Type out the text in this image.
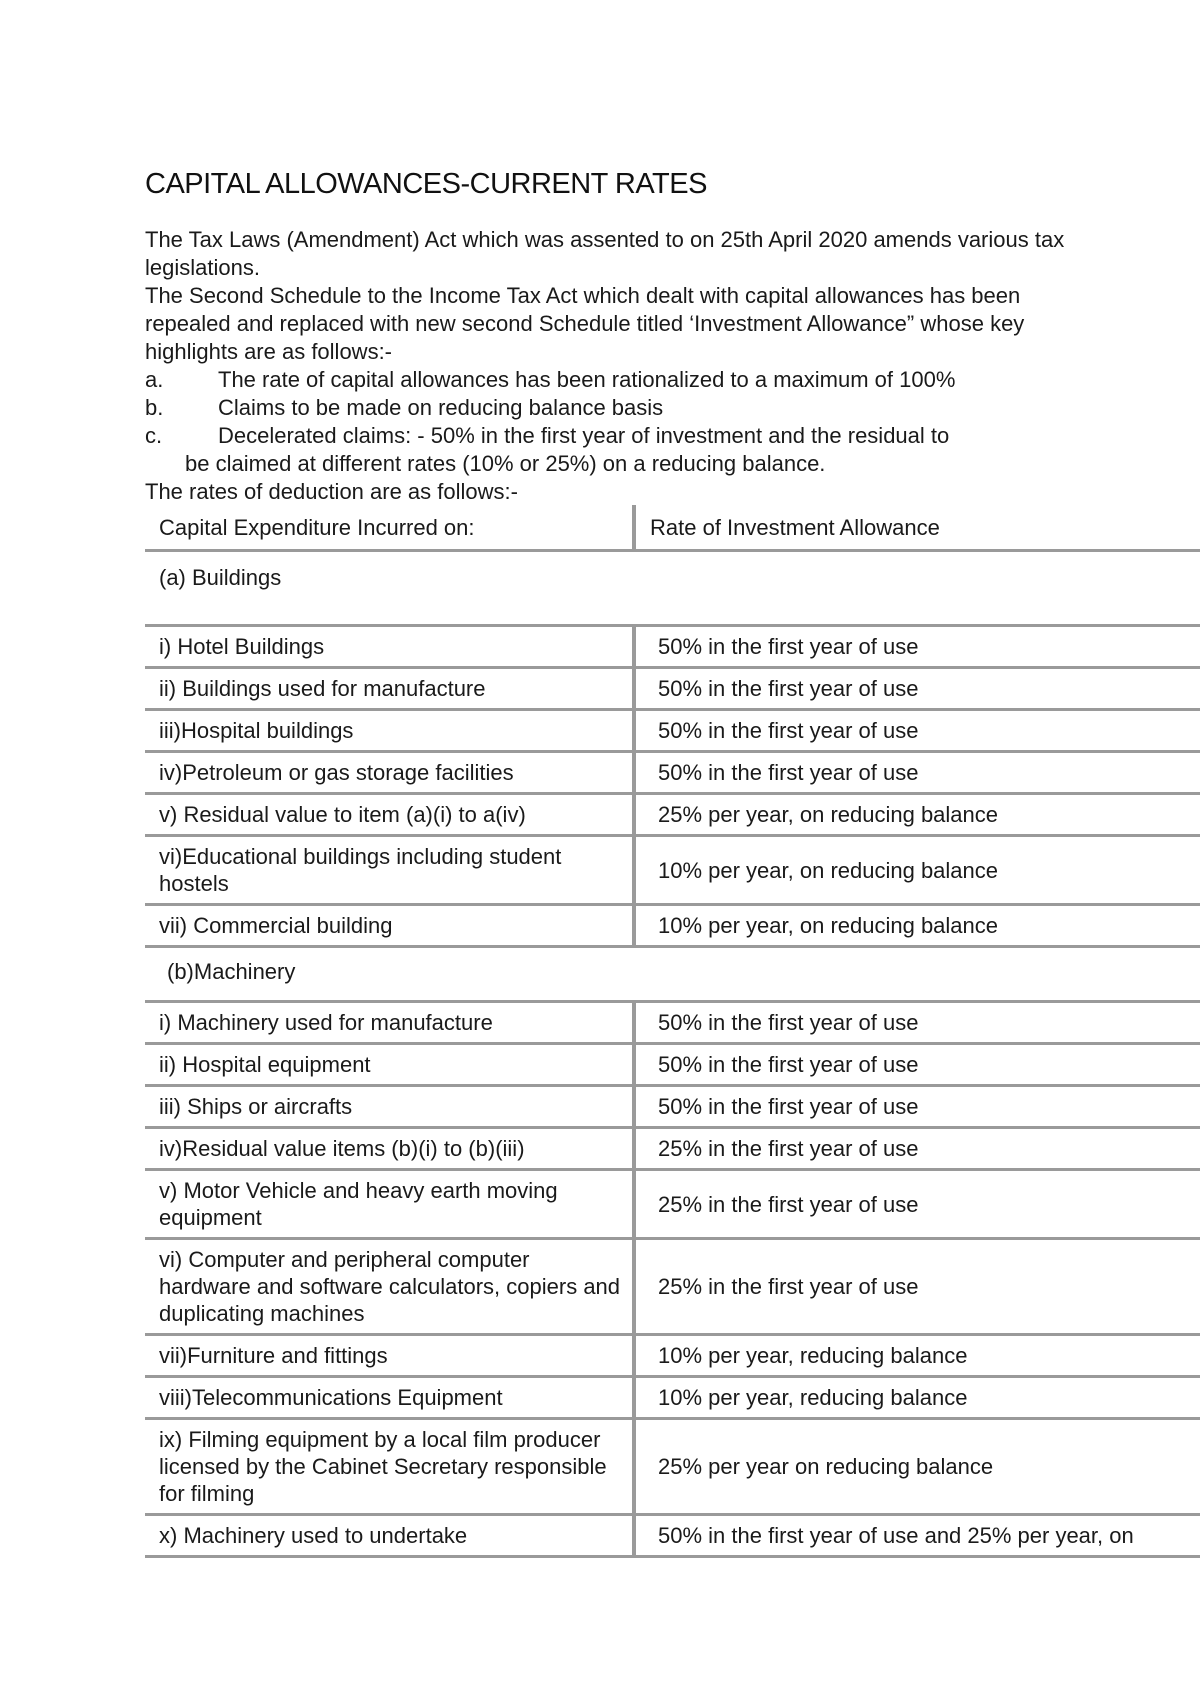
CAPITAL ALLOWANCES-CURRENT RATES

The Tax Laws (Amendment) Act which was assented to on 25th April 2020 amends various tax legislations.

The Second Schedule to the Income Tax Act which dealt with capital allowances has been repealed and replaced with new second Schedule titled ‘Investment Allowance” whose key highlights are as follows:-

a. The rate of capital allowances has been rationalized to a maximum of 100%
b. Claims to be made on reducing balance basis
c.	Decelerated claims: - 50% in the first year of investment and the residual to
be claimed at different rates (10% or 25%) on a reducing balance.

The rates of deduction are as follows:-

Capital Expenditure Incurred on:	Rate of Investment Allowance
(a) Buildings	
i) Hotel Buildings	50% in the first year of use
ii) Buildings used for manufacture	50% in the first year of use
iii)Hospital buildings	50% in the first year of use
iv)Petroleum or gas storage facilities	50% in the first year of use
v) Residual value to item (a)(i) to a(iv)	25% per year, on reducing balance
vi)Educational buildings including student hostels	10% per year, on reducing balance
vii) Commercial building	10% per year, on reducing balance
(b)Machinery	
i) Machinery used for manufacture	50% in the first year of use
ii) Hospital equipment	50% in the first year of use
iii) Ships or aircrafts	50% in the first year of use
iv)Residual value items (b)(i) to (b)(iii)	25% in the first year of use
v) Motor Vehicle and heavy earth moving equipment	25% in the first year of use
vi) Computer and peripheral computer hardware and software calculators, copiers and duplicating machines	25% in the first year of use
vii)Furniture and fittings	10% per year, reducing balance
viii)Telecommunications Equipment	10% per year, reducing balance
ix) Filming equipment by a local film producer licensed by the Cabinet Secretary responsible for filming	25% per year on reducing balance
x) Machinery used to undertake	50% in the first year of use and 25% per year, on
